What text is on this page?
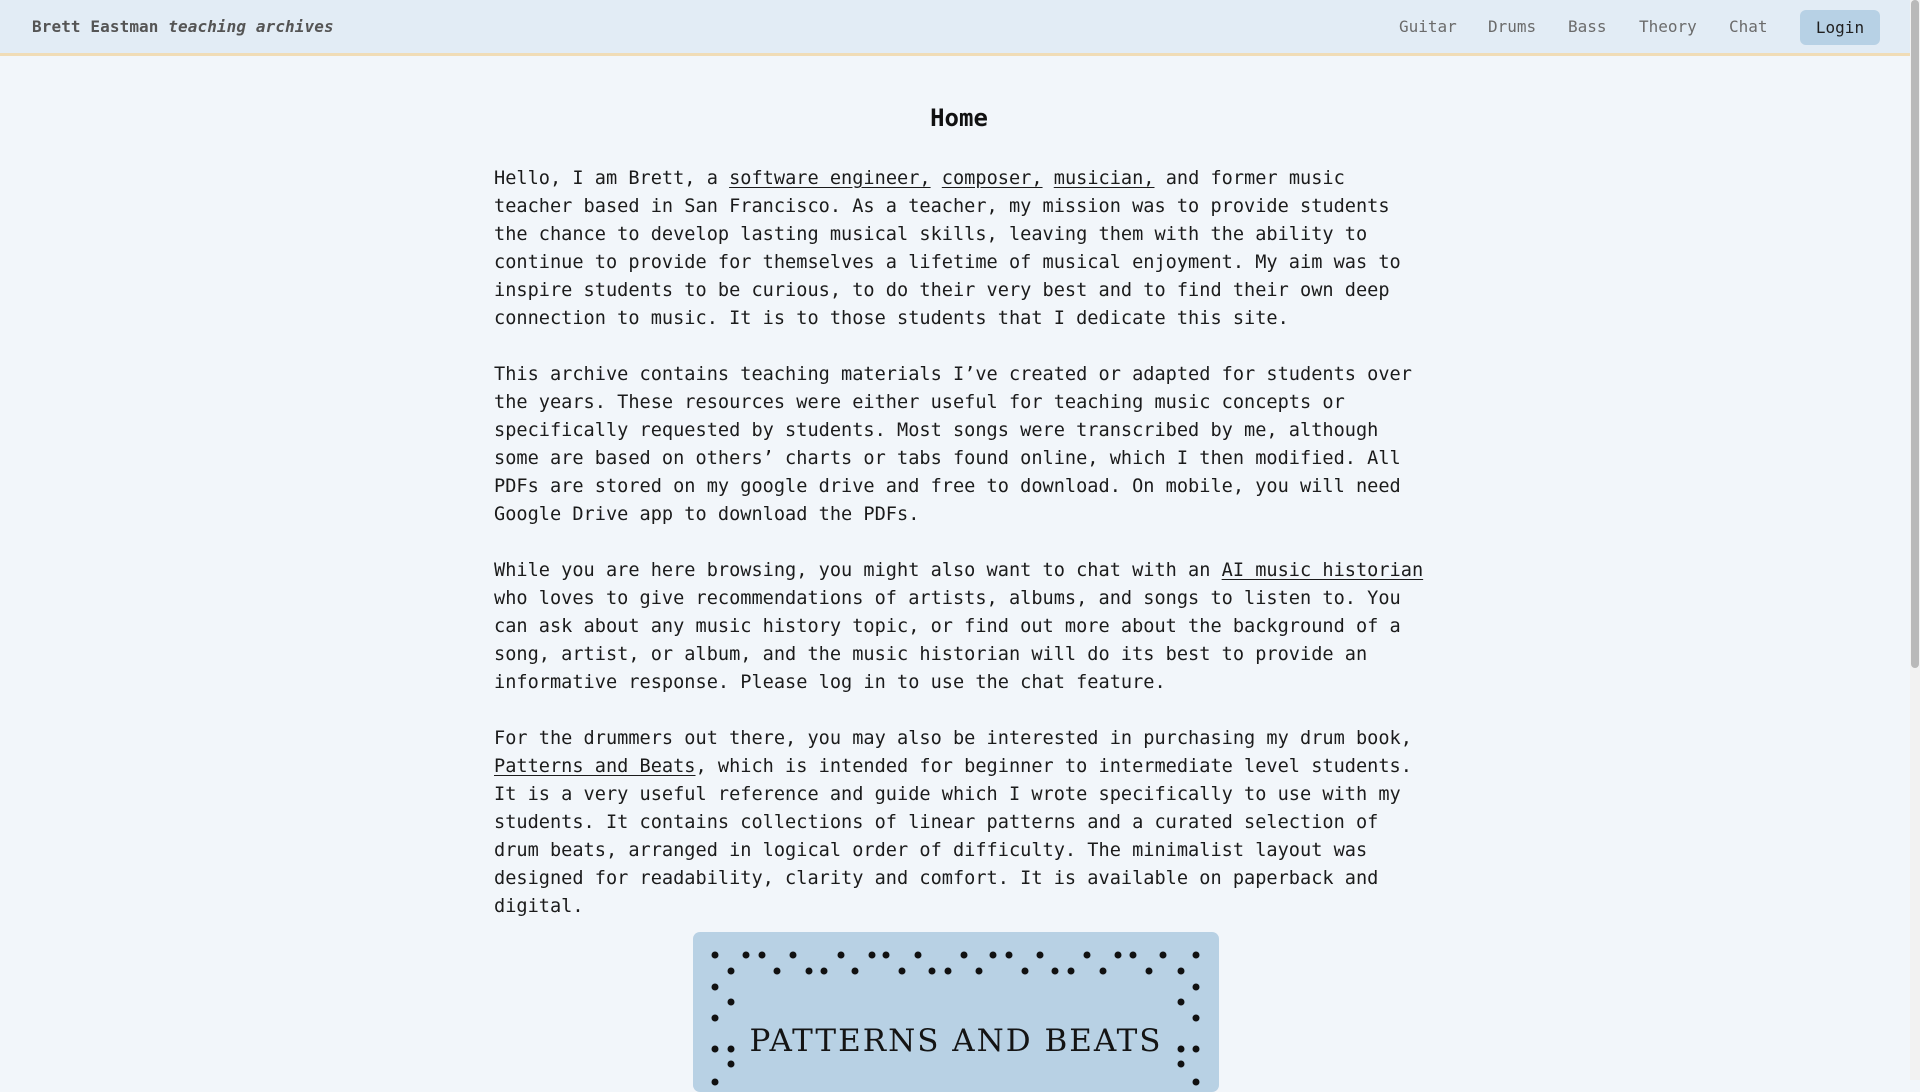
Brett Eastman teaching archives	Guitar Drums Bass Theory Chat	Login
Home

Hello, I am Brett, a software engineer, composer, musician, and former music teacher based in San Francisco. As a teacher, my mission was to provide students the chance to develop lasting musical skills, leaving them with the ability to continue to provide for themselves a lifetime of musical enjoyment. My aim was to inspire students to be curious, to do their very best and to find their own deep connection to music. It is to those students that I dedicate this site.

This archive contains teaching materials I’ve created or adapted for students over the years. These resources were either useful for teaching music concepts or specifically requested by students. Most songs were transcribed by me, although some are based on others’ charts or tabs found online, which I then modified. All PDFs are stored on my google drive and free to download. On mobile, you will need Google Drive app to download the PDFs.

While you are here browsing, you might also want to chat with an AI music historian who loves to give recommendations of artists, albums, and songs to listen to. You can ask about any music history topic, or find out more about the background of a song, artist, or album, and the music historian will do its best to provide an informative response. Please log in to use the chat feature.

For the drummers out there, you may also be interested in purchasing my drum book, Patterns and Beats, which is intended for beginner to intermediate level students. It is a very useful reference and guide which I wrote specifically to use with my students. It contains collections of linear patterns and a curated selection of drum beats, arranged in logical order of difficulty. The minimalist layout was designed for readability, clarity and comfort. It is available on paperback and digital.

PATTERNS AND BEATS
